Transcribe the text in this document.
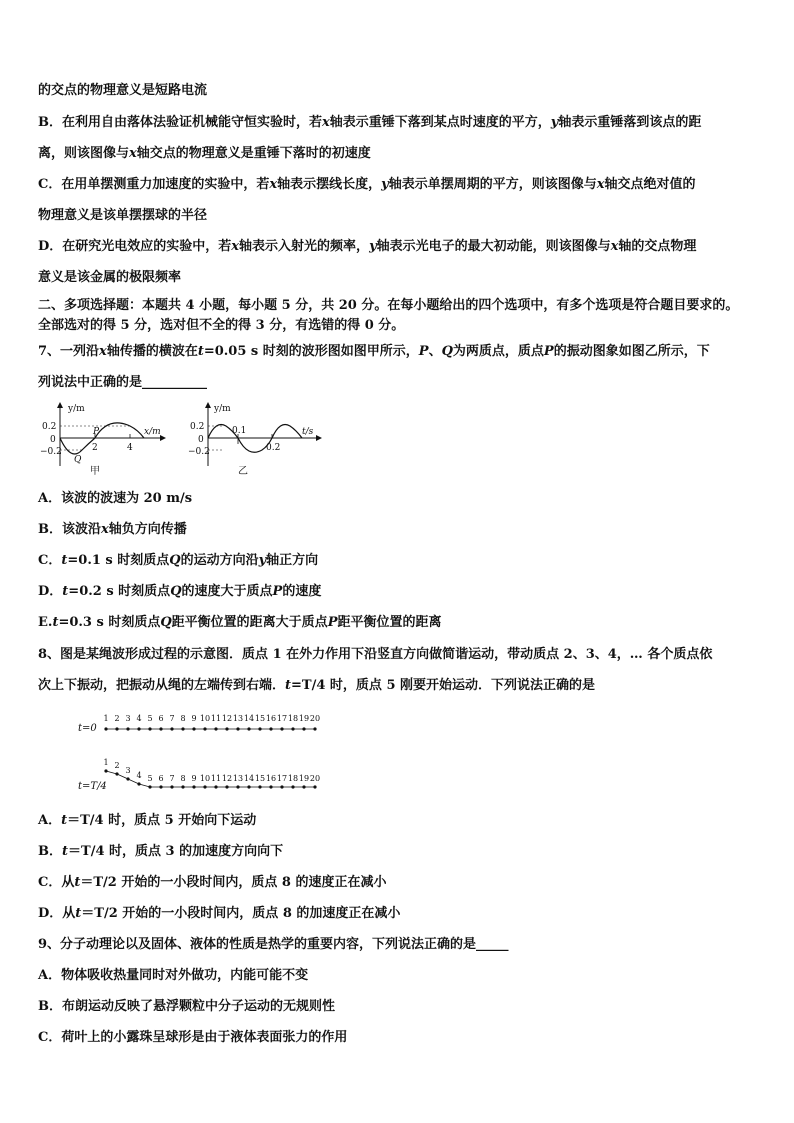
的交点的物理意义是短路电流
B．在利用自由落体法验证机械能守恒实验时，若x轴表示重锤下落到某点时速度的平方，y轴表示重锤落到该点的距
离，则该图像与x轴交点的物理意义是重锤下落时的初速度
C．在用单摆测重力加速度的实验中，若x轴表示摆线长度，y轴表示单摆周期的平方，则该图像与x轴交点绝对值的
物理意义是该单摆摆球的半径
D．在研究光电效应的实验中，若x轴表示入射光的频率，y轴表示光电子的最大初动能，则该图像与x轴的交点物理
意义是该金属的极限频率
二、多项选择题：本题共 4 小题，每小题 5 分，共 20 分。在每小题给出的四个选项中，有多个选项是符合题目要求的。
全部选对的得 5 分，选对但不全的得 3 分，有选错的得 0 分。
7、一列沿x轴传播的横波在t=0.05 s 时刻的波形图如图甲所示，P、Q为两质点，质点P的振动图象如图乙所示，下
列说法中正确的是__________
y/m
x/m
0.2
0
−0.2	2	4
P
Q
甲
y/m
t/s
0.2
0
−0.2
0.1
0.2
乙
A．该波的波速为 20 m/s
B．该波沿x轴负方向传播
C．t=0.1 s 时刻质点Q的运动方向沿y轴正方向
D．t=0.2 s 时刻质点Q的速度大于质点P的速度
E.t=0.3 s 时刻质点Q距平衡位置的距离大于质点P距平衡位置的距离
8、图是某绳波形成过程的示意图．质点 1 在外力作用下沿竖直方向做简谐运动，带动质点 2、3、4，… 各个质点依
次上下振动，把振动从绳的左端传到右端．t=T/4 时，质点 5 刚要开始运动．下列说法正确的是
1 2 3 4 5 6 7 8 9 10 11 12 13 14 15 16 17 18 19 20
1 2
3
4 5 6 7 8 9 10 11 12 13 14 15 16 17 18 19 20
t=0
t=T/4
A．t＝T/4 时，质点 5 开始向下运动
B．t＝T/4 时，质点 3 的加速度方向向下
C．从t＝T/2 开始的一小段时间内，质点 8 的速度正在减小
D．从t＝T/2 开始的一小段时间内，质点 8 的加速度正在减小
9、分子动理论以及固体、液体的性质是热学的重要内容，下列说法正确的是_____
A．物体吸收热量同时对外做功，内能可能不变
B．布朗运动反映了悬浮颗粒中分子运动的无规则性
C．荷叶上的小露珠呈球形是由于液体表面张力的作用
